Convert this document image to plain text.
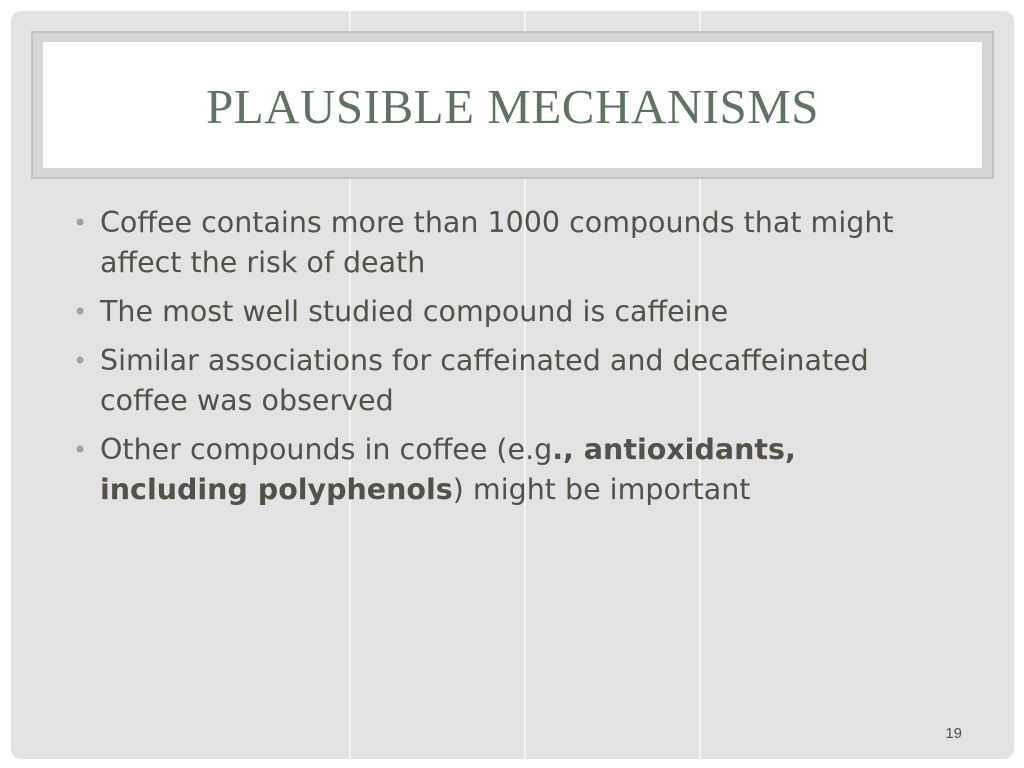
PLAUSIBLE MECHANISMS
• Coffee contains more than 1000 compounds that might affect the risk of death
• The most well studied compound is caffeine
• Similar associations for caffeinated and decaffeinated coffee was observed
• Other compounds in coffee (e.g., antioxidants, including polyphenols) might be important
19
